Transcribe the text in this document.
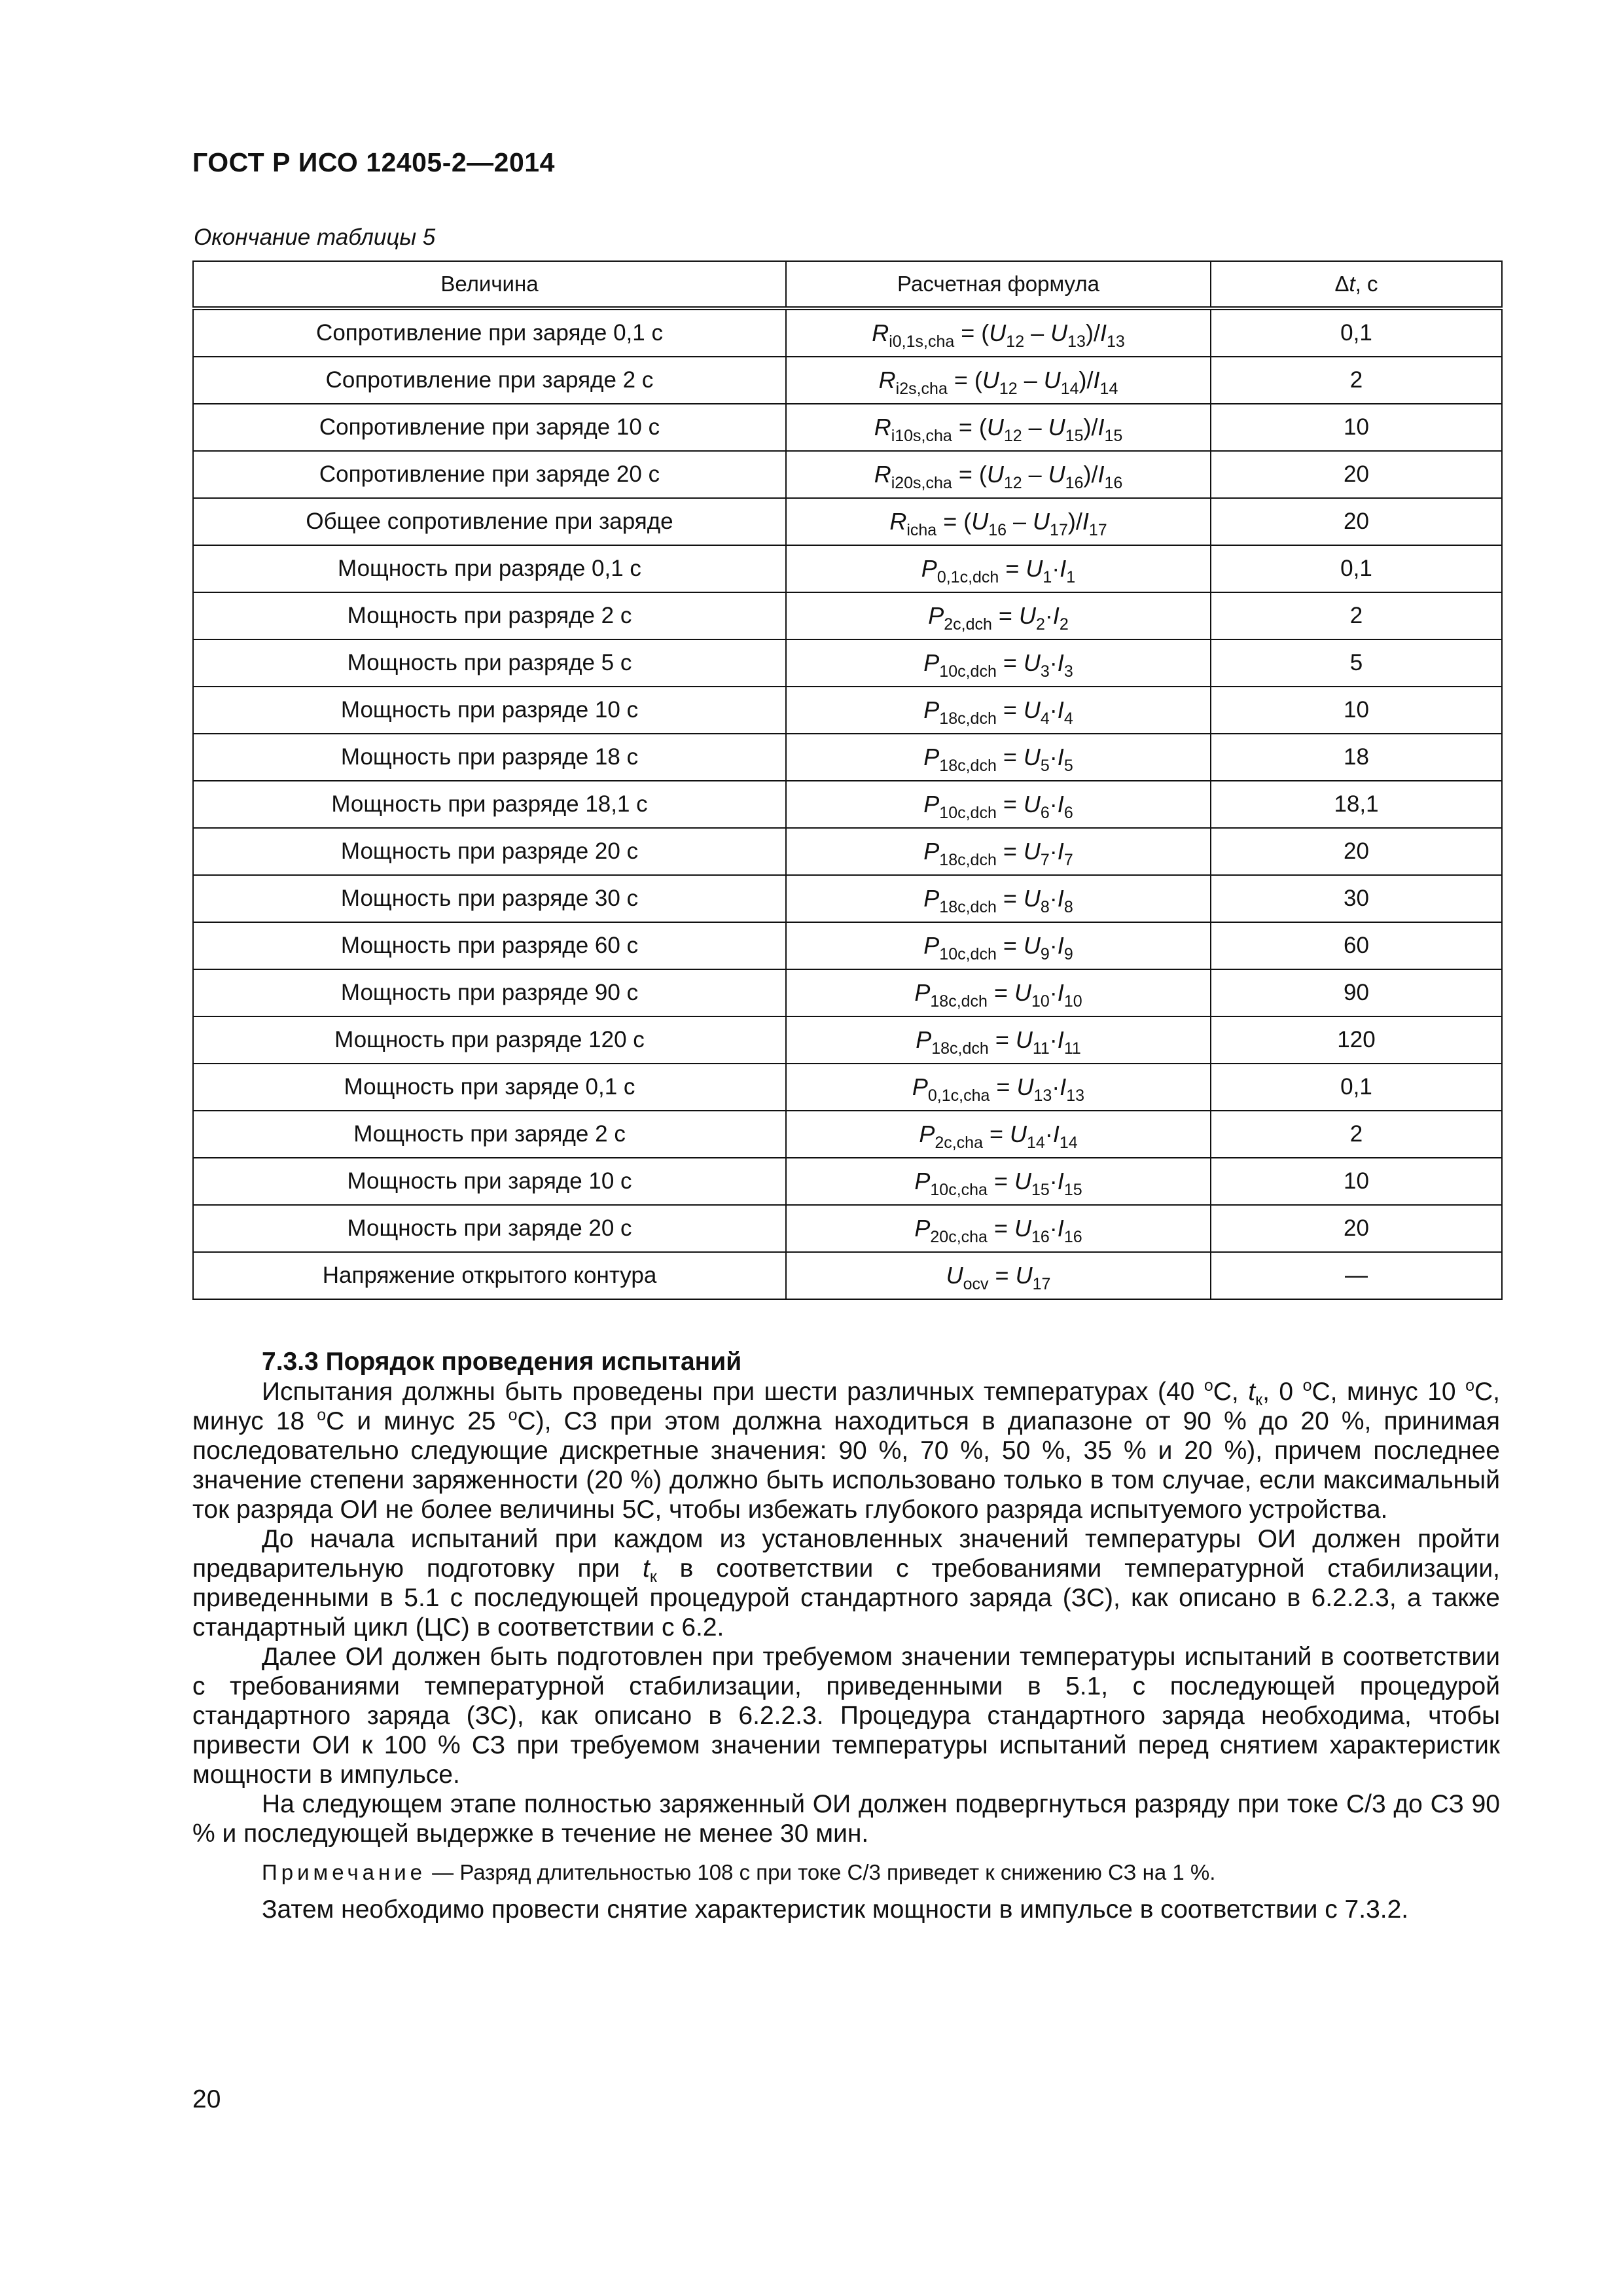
ГОСТ Р ИСО 12405-2—2014
Окончание таблицы 5
Величина	Расчетная формула	Δt, с
Сопротивление при заряде 0,1 с	$R_{i0,1s,cha} = (U_{12} - U_{13})/I_{13}$	0,1
Сопротивление при заряде 2 с	$R_{i2s,cha} = (U_{12} - U_{14})/I_{14}$	2
Сопротивление при заряде 10 с	$R_{i10s,cha} = (U_{12} - U_{15})/I_{15}$	10
Сопротивление при заряде 20 с	$R_{i20s,cha} = (U_{12} - U_{16})/I_{16}$	20
Общее сопротивление при заряде	$R_{icha} = (U_{16} - U_{17})/I_{17}$	20
Мощность при разряде 0,1 с	$P_{0,1c,dch} = U_1\cdot I_1$	0,1
Мощность при разряде 2 с	$P_{2c,dch} = U_2\cdot I_2$	2
Мощность при разряде 5 с	$P_{10c,dch} = U_3\cdot I_3$	5
Мощность при разряде 10 с	$P_{18c,dch} = U_4\cdot I_4$	10
Мощность при разряде 18 с	$P_{18c,dch} = U_5\cdot I_5$	18
Мощность при разряде 18,1 с	$P_{10c,dch} = U_6\cdot I_6$	18,1
Мощность при разряде 20 с	$P_{18c,dch} = U_7\cdot I_7$	20
Мощность при разряде 30 с	$P_{18c,dch} = U_8\cdot I_8$	30
Мощность при разряде 60 с	$P_{10c,dch} = U_9\cdot I_9$	60
Мощность при разряде 90 с	$P_{18c,dch} = U_{10}\cdot I_{10}$	90
Мощность при разряде 120 с	$P_{18c,dch} = U_{11}\cdot I_{11}$	120
Мощность при заряде 0,1 с	$P_{0,1c,cha} = U_{13}\cdot I_{13}$	0,1
Мощность при заряде 2 с	$P_{2c,cha} = U_{14}\cdot I_{14}$	2
Мощность при заряде 10 с	$P_{10c,cha} = U_{15}\cdot I_{15}$	10
Мощность при заряде 20 с	$P_{20c,cha} = U_{16}\cdot I_{16}$	20
Напряжение открытого контура	$U_{ocv} = U_{17}$	—
7.3.3 Порядок проведения испытаний

Испытания должны быть проведены при шести различных температурах (40 $^o$С, $t_к$, 0 $^o$С, минус 10 $^o$С, минус 18 $^o$С и минус 25 $^o$С), СЗ при этом должна находиться в диапазоне от 90 % до 20 %, принимая последовательно следующие дискретные значения: 90 %, 70 %, 50 %, 35 % и 20 %), причем последнее значение степени заряженности (20 %) должно быть использовано только в том случае, если максимальный ток разряда ОИ не более величины 5С, чтобы избежать глубокого разряда испытуемого устройства.

До начала испытаний при каждом из установленных значений температуры ОИ должен пройти предварительную подготовку при $t_к$ в соответствии с требованиями температурной стабилизации, приведенными в 5.1 с последующей процедурой стандартного заряда (ЗС), как описано в 6.2.2.3, а также стандартный цикл (ЦС) в соответствии с 6.2.

Далее ОИ должен быть подготовлен при требуемом значении температуры испытаний в соответствии с требованиями температурной стабилизации, приведенными в 5.1, с последующей процедурой стандартного заряда (ЗС), как описано в 6.2.2.3. Процедура стандартного заряда необходима, чтобы привести ОИ к 100 % СЗ при требуемом значении температуры испытаний перед снятием характеристик мощности в импульсе.

На следующем этапе полностью заряженный ОИ должен подвергнуться разряду при токе С/3 до СЗ 90 % и последующей выдержке в течение не менее 30 мин.

Примечание — Разряд длительностью 108 с при токе С/3 приведет к снижению СЗ на 1 %.

Затем необходимо провести снятие характеристик мощности в импульсе в соответствии с 7.3.2.

20
